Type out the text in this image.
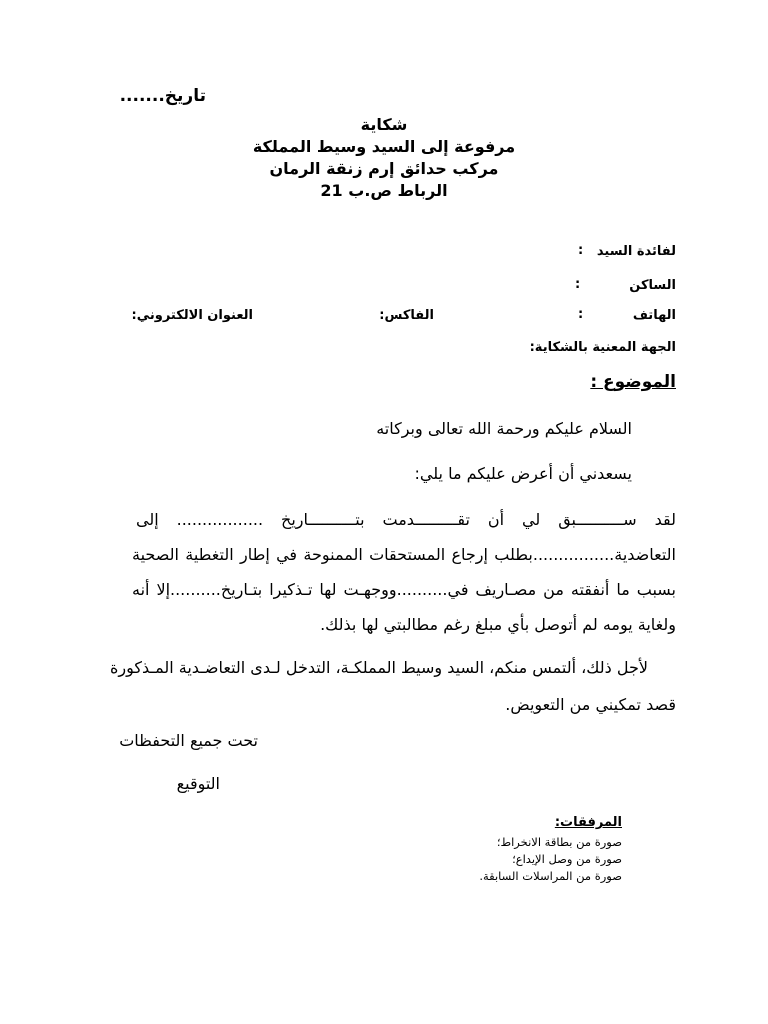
تاريخ.......
شكاية
مرفوعة إلى السيد وسيط المملكة
مركب حدائق إرم زنقة الرمان
الرباط ص.ب 21
لفائدة السيد
:
الساكن
:
الهاتف
:
الفاكس:
العنوان الالكتروني:
الجهة المعنية بالشكاية:
الموضوع :
السلام عليكم ورحمة الله تعالى وبركاته
يسعدني أن أعرض عليكم ما يلي:
لقد ســــــــــبق لي أن تقـــــــــدمت بتــــــــــاريخ ................. إلى
التعاضدية................بطلب إرجاع المستحقات الممنوحة في إطار التغطية الصحية
بسبب ما أنفقته من مصـاريف في..........ووجهـت لها تـذكيرا بتـاريخ..........إلا أنه
ولغاية يومه لم أتوصل بأي مبلغ رغم مطالبتي لها بذلك.
لأجل ذلك، ألتمس منكم، السيد وسيط المملكـة، التدخل لـدى التعاضـدية المـذكورة
قصد تمكيني من التعويض.
تحت جميع التحفظات
التوقيع
المرفقات:
صورة من بطاقة الانخراط؛
صورة من وصل الإيداع؛
صورة من المراسلات السابقة.
